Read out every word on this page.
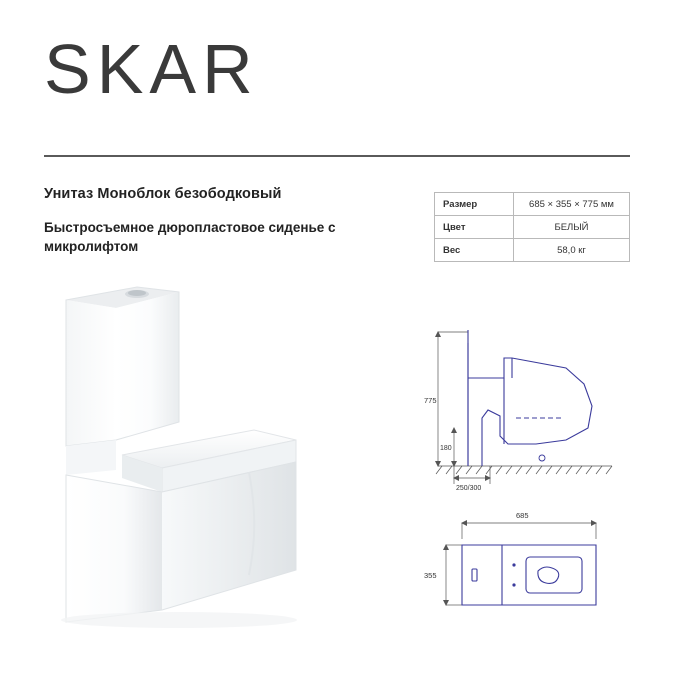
SKAR

Унитаз Моноблок безободковый

Быстросъемное дюропластовое сиденье с микролифтом

Размер	685 × 355 × 775 мм
Цвет	БЕЛЫЙ
Вес	58,0 кг
775
180
250/300
685
355
